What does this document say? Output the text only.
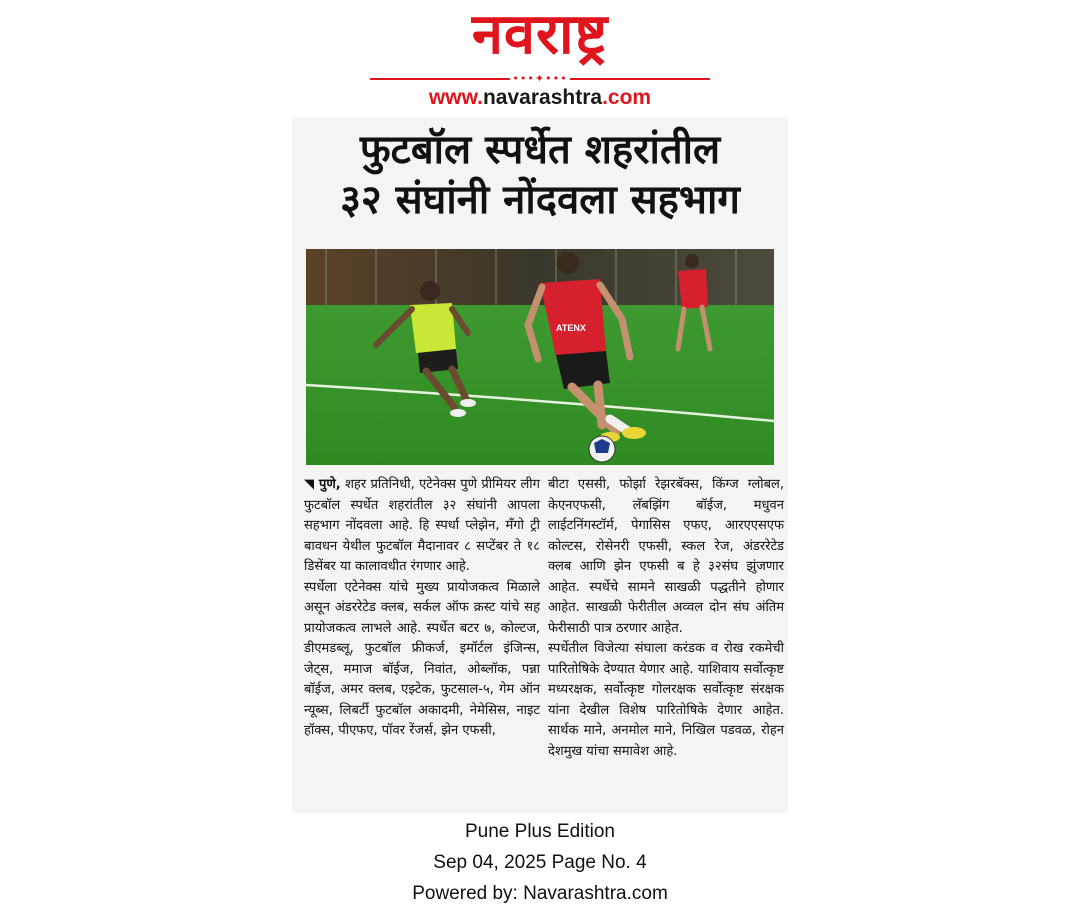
नवराष्ट्र
•••✦•••
www.navarashtra.com
फुटबॉल स्पर्धेत शहरांतील
३२ संघांनी नोंदवला सहभाग
ATENX

◥ पुणे, शहर प्रतिनिधी, एटेनेक्स पुणे प्रीमियर लीग फुटबॉल स्पर्धेत शहरांतील ३२ संघांनी आपला सहभाग नोंदवला आहे. हि स्पर्धा प्लेझेन, मँगो ट्री बावधन येथील फुटबॉल मैदानावर ८ सप्टेंबर ते १८ डिसेंबर या कालावधीत रंगणार आहे.

स्पर्धेला एटेनेक्स यांचे मुख्य प्रायोजकत्व मिळाले असून अंडररेटेड क्लब, सर्कल ऑफ क्रस्ट यांचे सह प्रायोजकत्व लाभले आहे. स्पर्धेत बटर ७, कोल्टज, डीएमडब्लू, फुटबॉल फ्रीकर्ज, इमॉर्टल इंजिन्स, जेट्स, ममाज बॉईज, निवांत, ओब्लॉक, पन्ना बॉईज, अमर क्लब, एझ्टेक, फुटसाल-५, गेम ऑन न्यूब्स, लिबर्टी फुटबॉल अकादमी, नेमेसिस, नाइट हॉक्स, पीएफए, पॉवर रेंजर्स, झेन एफसी,

बीटा एससी, फोर्झा रेझरबॅक्स, किंग्ज ग्लोबल, केएनएफसी, लॅबझिंग बॉईज, मधुवन लाईटनिंगस्टॉर्म, पेगासिस एफए, आरएएसएफ कोल्टस, रोसेनरी एफसी, स्कल रेज, अंडररेटेड क्लब आणि झेन एफसी ब हे ३२संघ झुंजणार आहेत. स्पर्धेचे सामने साखळी पद्धतीने होणार आहेत. साखळी फेरीतील अव्वल दोन संघ अंतिम फेरीसाठी पात्र ठरणार आहेत.

स्पर्धेतील विजेत्या संघाला करंडक व रोख रकमेची पारितोषिके देण्यात येणार आहे. याशिवाय सर्वोत्कृष्ट मध्यरक्षक, सर्वोत्कृष्ट गोलरक्षक सर्वोत्कृष्ट संरक्षक यांना देखील विशेष पारितोषिके देणार आहेत. सार्थक माने, अनमोल माने, निखिल पडवळ, रोहन देशमुख यांचा समावेश आहे.

Pune Plus Edition
Sep 04, 2025 Page No. 4
Powered by: Navarashtra.com
